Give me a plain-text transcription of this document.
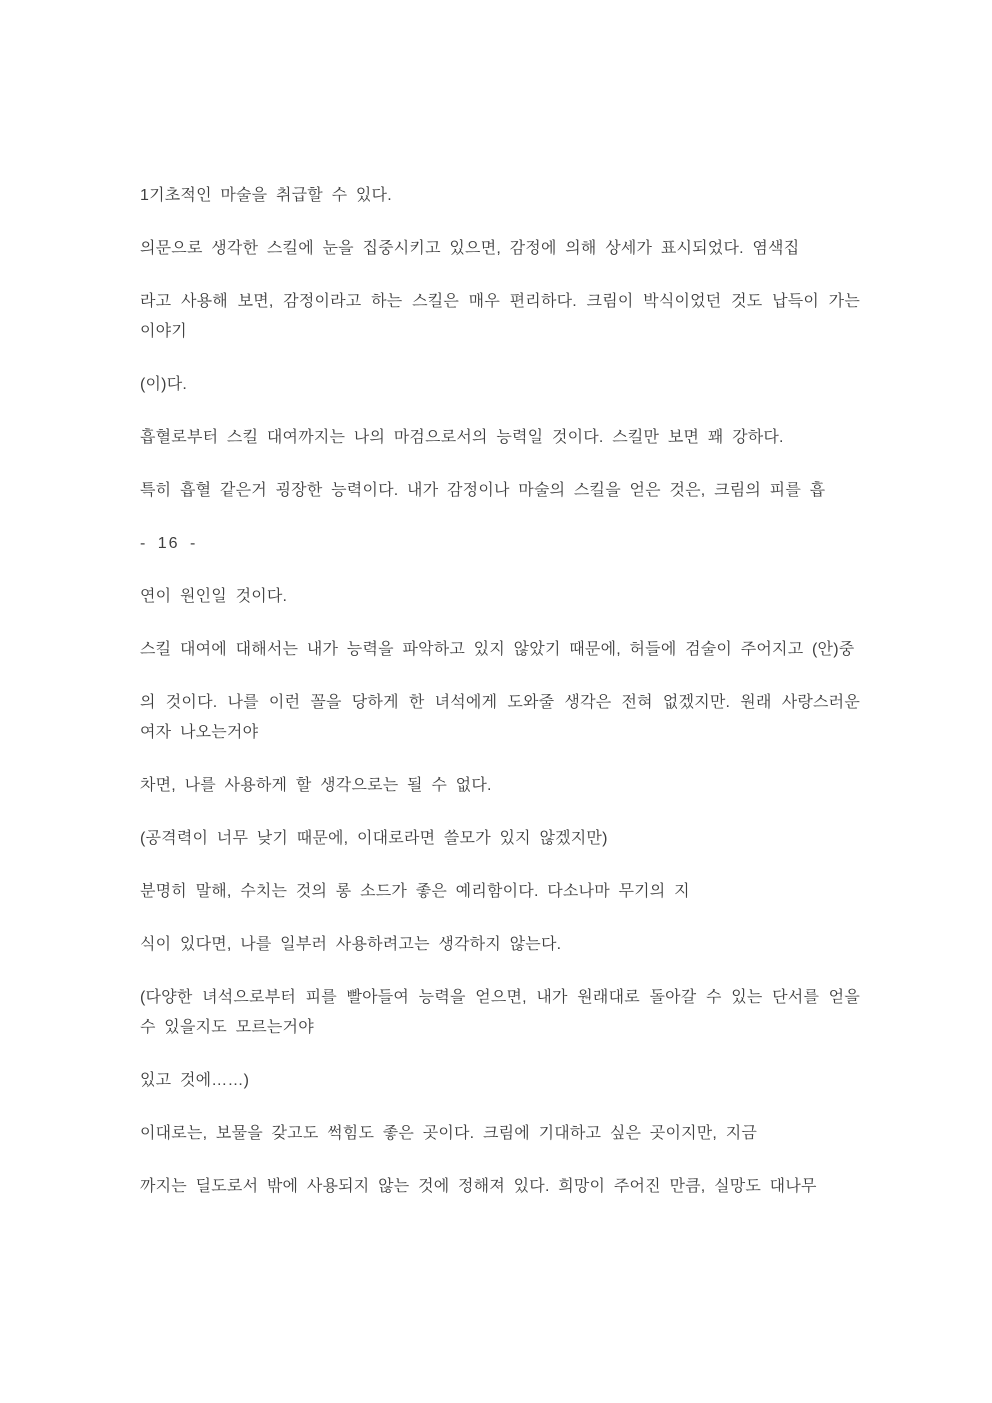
1기초적인 마술을 취급할 수 있다.

의문으로 생각한 스킬에 눈을 집중시키고 있으면, 감정에 의해 상세가 표시되었다. 염색집

라고 사용해 보면, 감정이라고 하는 스킬은 매우 편리하다. 크림이 박식이었던 것도 납득이 가는 이야기

(이)다.

흡혈로부터 스킬 대여까지는 나의 마검으로서의 능력일 것이다. 스킬만 보면 꽤 강하다.

특히 흡혈 같은거 굉장한 능력이다. 내가 감정이나 마술의 스킬을 얻은 것은, 크림의 피를 흡

- 16 -

연이 원인일 것이다.

스킬 대여에 대해서는 내가 능력을 파악하고 있지 않았기 때문에, 허들에 검술이 주어지고 (안)중

의 것이다. 나를 이런 꼴을 당하게 한 녀석에게 도와줄 생각은 전혀 없겠지만. 원래 사랑스러운 여자 나오는거야

차면, 나를 사용하게 할 생각으로는 될 수 없다.

(공격력이 너무 낮기 때문에, 이대로라면 쓸모가 있지 않겠지만)

분명히 말해, 수치는 것의 롱 소드가 좋은 예리함이다. 다소나마 무기의 지

식이 있다면, 나를 일부러 사용하려고는 생각하지 않는다.

(다양한 녀석으로부터 피를 빨아들여 능력을 얻으면, 내가 원래대로 돌아갈 수 있는 단서를 얻을 수 있을지도 모르는거야

있고 것에……)

이대로는, 보물을 갖고도 썩힘도 좋은 곳이다. 크림에 기대하고 싶은 곳이지만, 지금

까지는 딜도로서 밖에 사용되지 않는 것에 정해져 있다. 희망이 주어진 만큼, 실망도 대나무
